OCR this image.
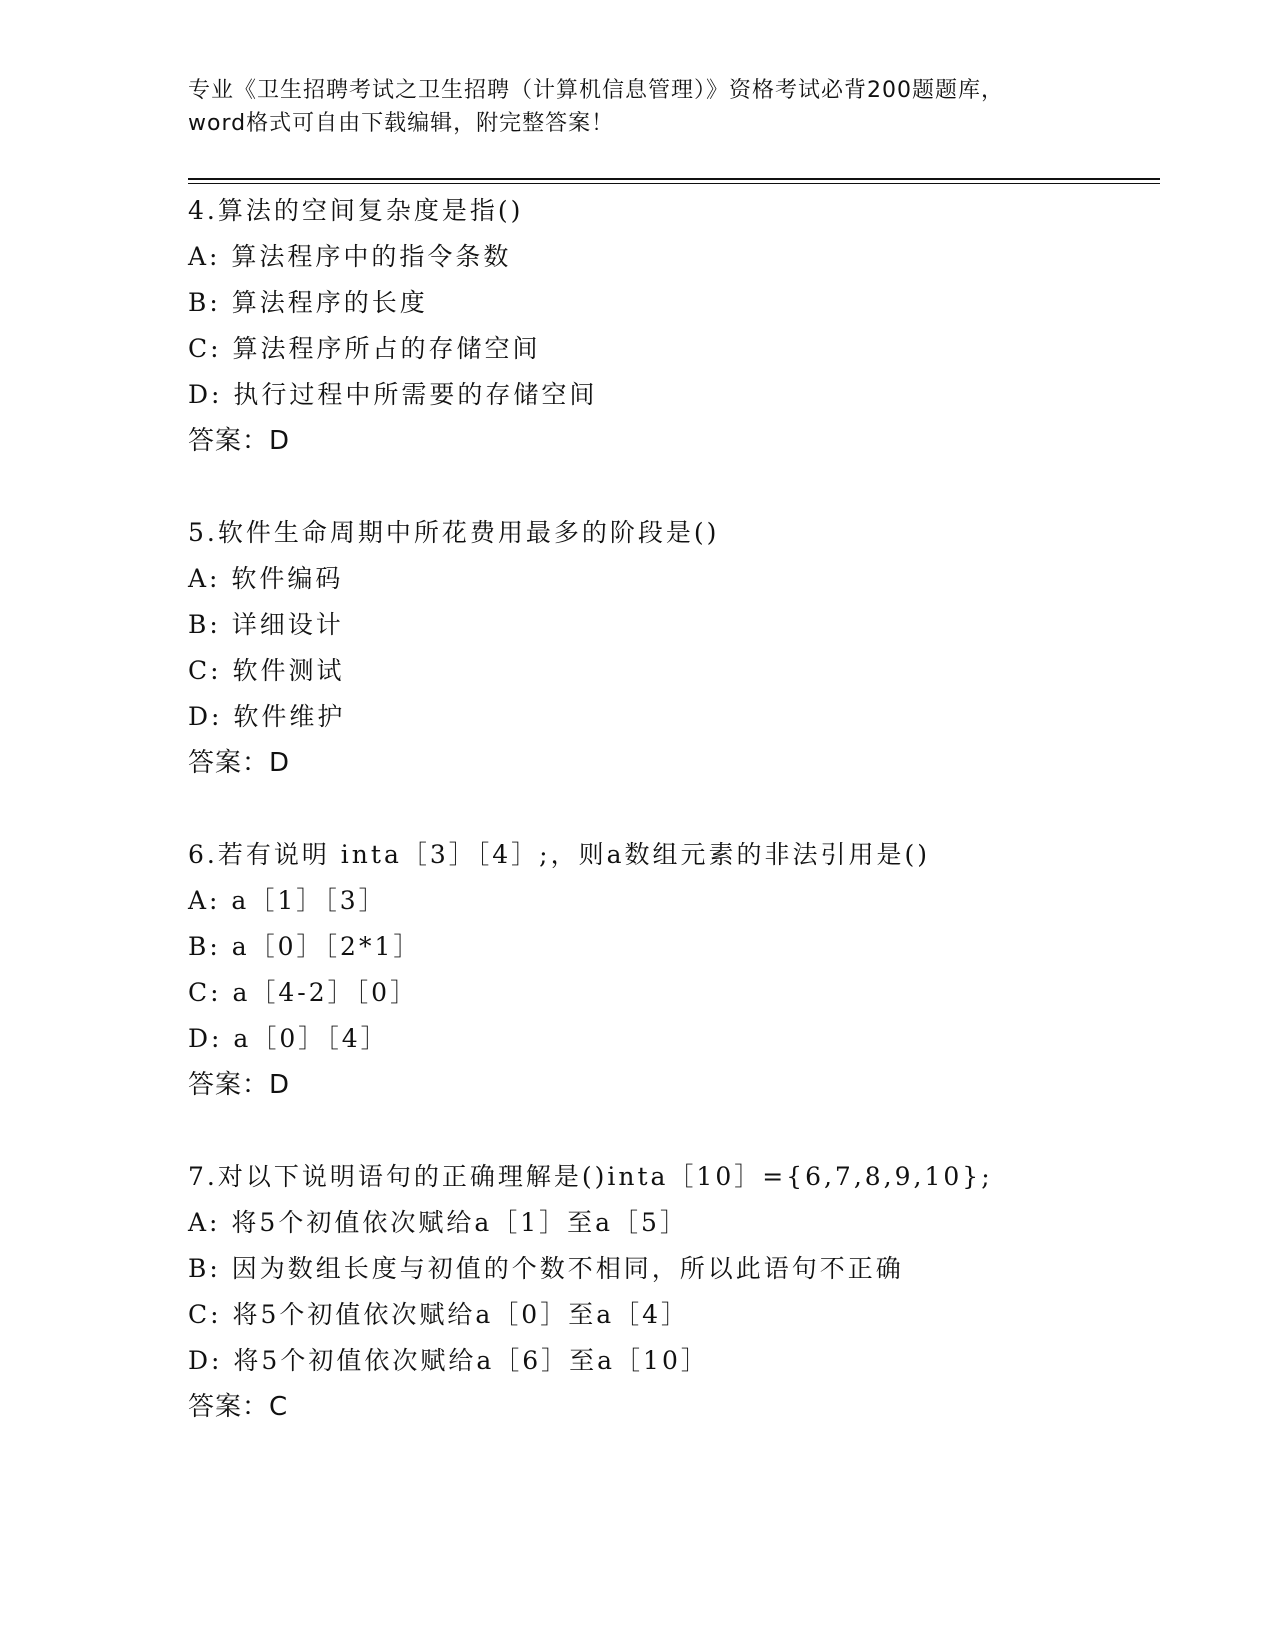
专业《卫生招聘考试之卫生招聘（计算机信息管理）》资格考试必背200题题库，
word格式可自由下载编辑，附完整答案！
4.算法的空间复杂度是指()
A: 算法程序中的指令条数
B: 算法程序的长度
C: 算法程序所占的存储空间
D: 执行过程中所需要的存储空间
答案：D
5.软件生命周期中所花费用最多的阶段是()
A: 软件编码
B: 详细设计
C: 软件测试
D: 软件维护
答案：D
6.若有说明 inta［3］［4］;，则a数组元素的非法引用是()
A: a［1］［3］
B: a［0］［2*1］
C: a［4-2］［0］
D: a［0］［4］
答案：D
7.对以下说明语句的正确理解是()inta［10］={6,7,8,9,10};
A: 将5个初值依次赋给a［1］至a［5］
B: 因为数组长度与初值的个数不相同，所以此语句不正确
C: 将5个初值依次赋给a［0］至a［4］
D: 将5个初值依次赋给a［6］至a［10］
答案：C
